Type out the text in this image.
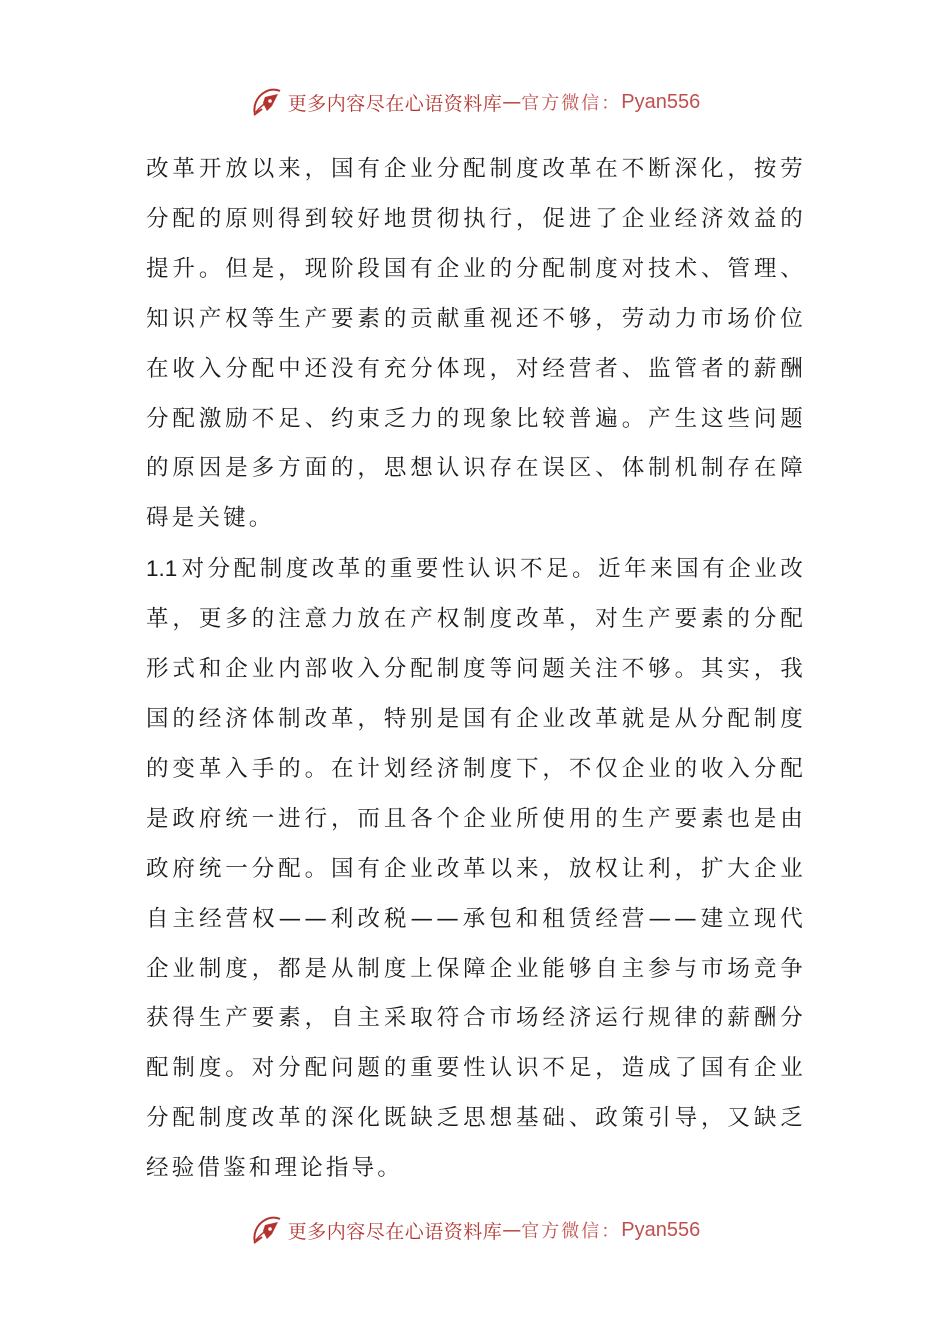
更多内容尽在心语资料库 — 官方微信： Pyan556

改革开放以来，国有企业分配制度改革在不断深化，按劳分配的原则得到较好地贯彻执行，促进了企业经济效益的提升。但是，现阶段国有企业的分配制度对技术、管理、知识产权等生产要素的贡献重视还不够，劳动力市场价位在收入分配中还没有充分体现，对经营者、监管者的薪酬分配激励不足、约束乏力的现象比较普遍。产生这些问题的原因是多方面的，思想认识存在误区、体制机制存在障碍是关键。

1.1 对分配制度改革的重要性认识不足。近年来国有企业改革，更多的注意力放在产权制度改革，对生产要素的分配形式和企业内部收入分配制度等问题关注不够。其实，我国的经济体制改革，特别是国有企业改革就是从分配制度的变革入手的。在计划经济制度下，不仅企业的收入分配是政府统一进行，而且各个企业所使用的生产要素也是由政府统一分配。国有企业改革以来，放权让利，扩大企业自主经营权——利改税——承包和租赁经营——建立现代企业制度，都是从制度上保障企业能够自主参与市场竞争获得生产要素，自主采取符合市场经济运行规律的薪酬分配制度。对分配问题的重要性认识不足，造成了国有企业分配制度改革的深化既缺乏思想基础、政策引导，又缺乏经验借鉴和理论指导。

更多内容尽在心语资料库 — 官方微信： Pyan556
